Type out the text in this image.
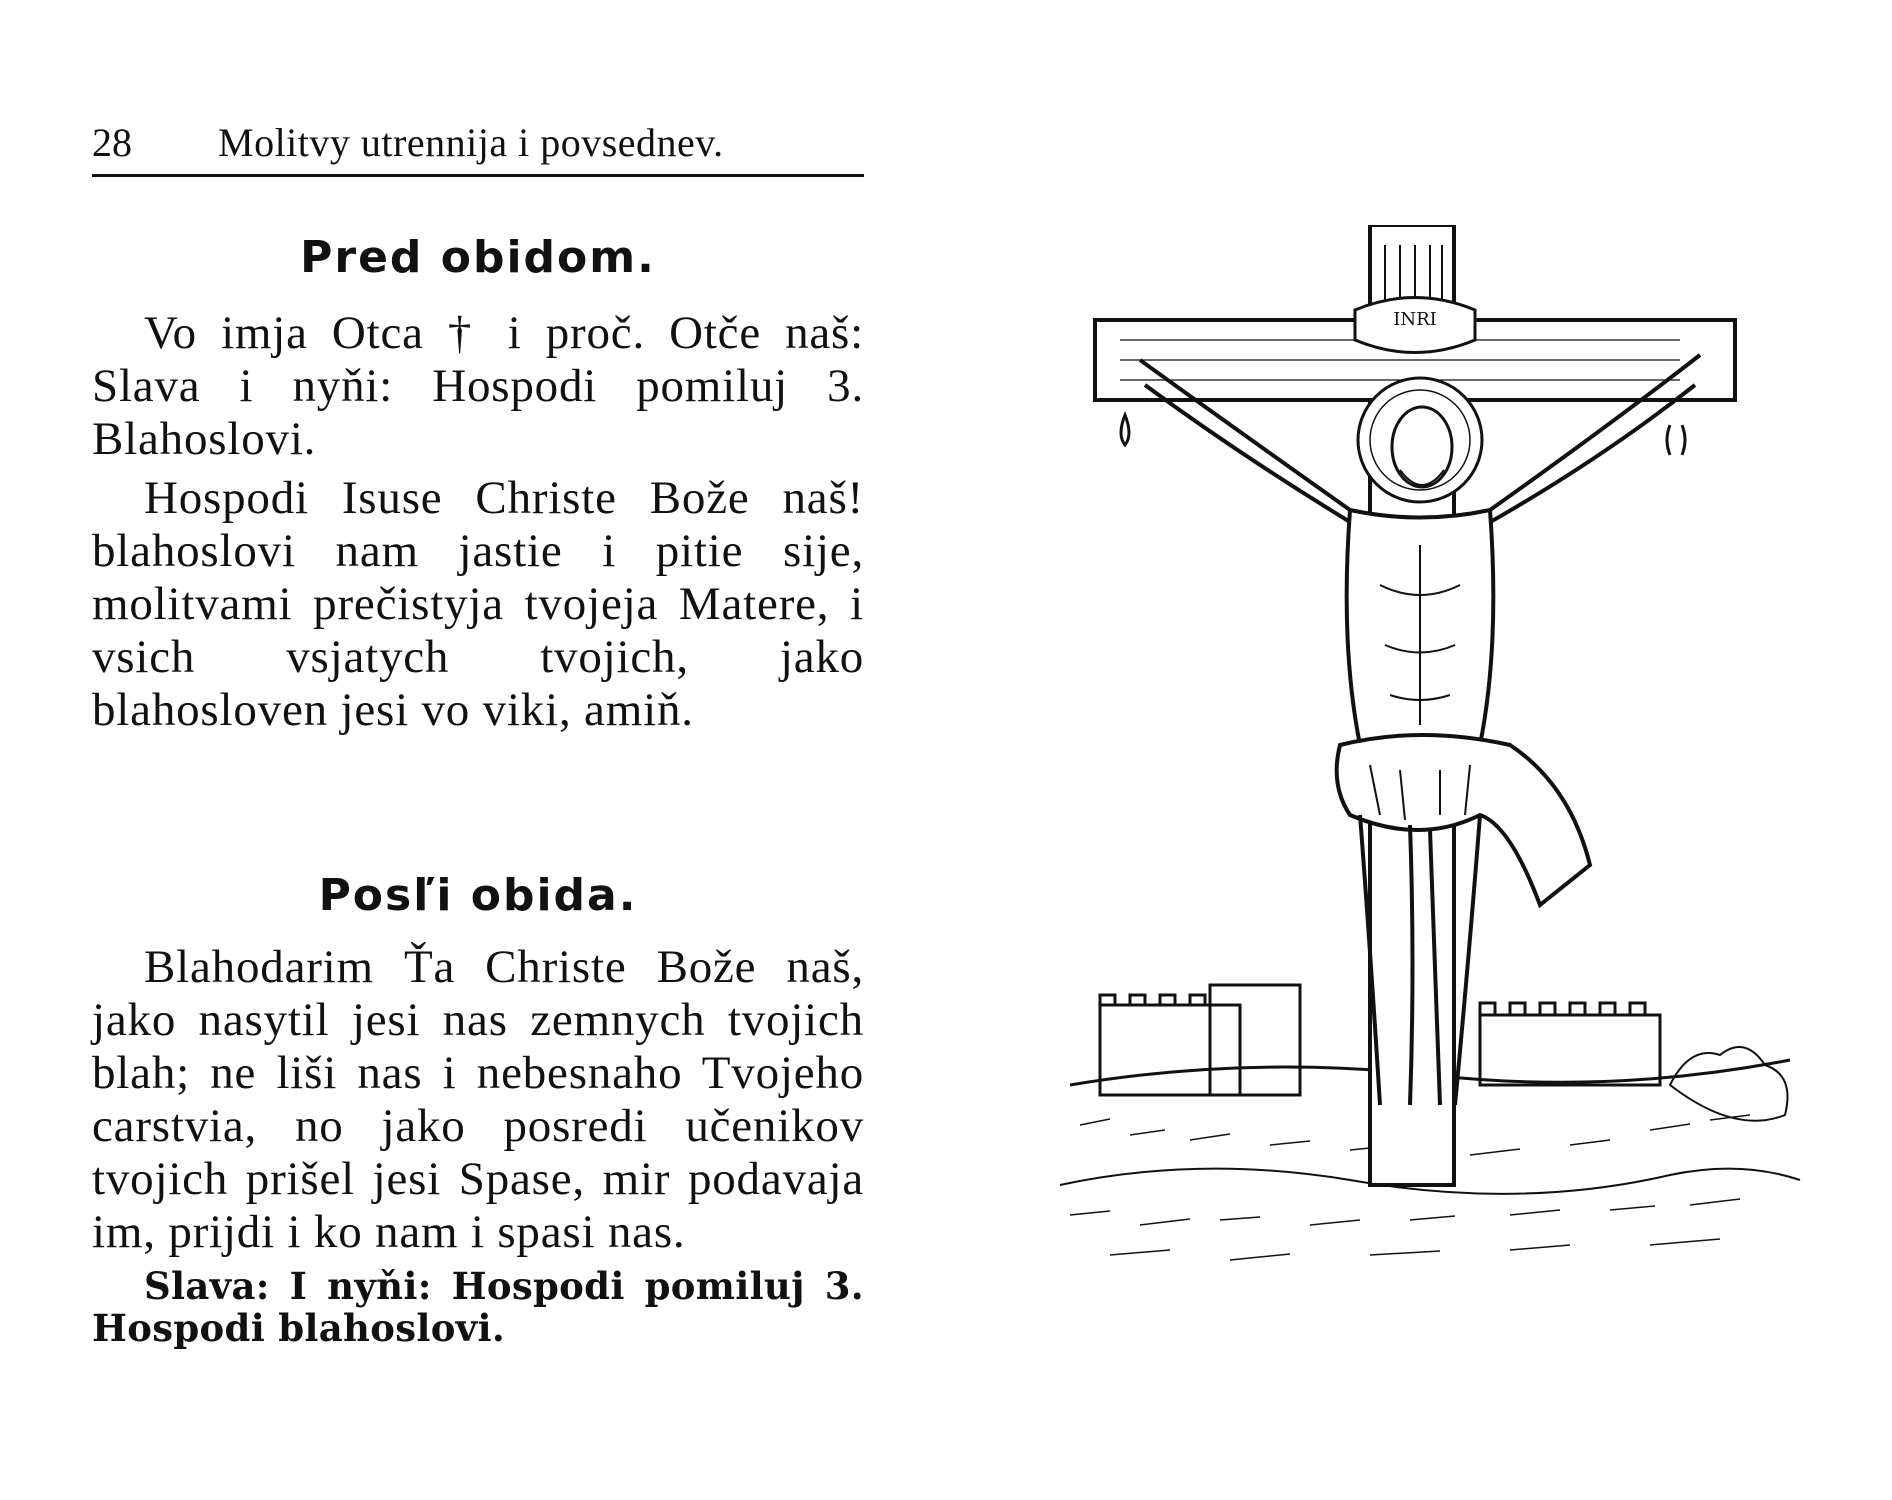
28 Molitvy utrennija i povsednev.
Pred obidom.

Vo imja Otca † i proč. Otče naš: Slava i nyňi: Hospodi pomiluj 3. Blahoslovi.

Hospodi Isuse Christe Bože naš! blahoslovi nam jastie i pitie sije, molitvami prečistyja tvojeja Matere, i vsich vsjatych tvojich, jako blahosloven jesi vo viki, amiň.

Posľi obida.

Blahodarim Ťa Christe Bože naš, jako nasytil jesi nas zemnych tvojich blah; ne liši nas i nebesnaho Tvojeho carstvia, no jako posredi učenikov tvojich prišel jesi Spase, mir podavaja im, prijdi i ko nam i spasi nas.

Slava: I nyňi: Hospodi pomiluj 3. Hospodi blahoslovi.

INRI
